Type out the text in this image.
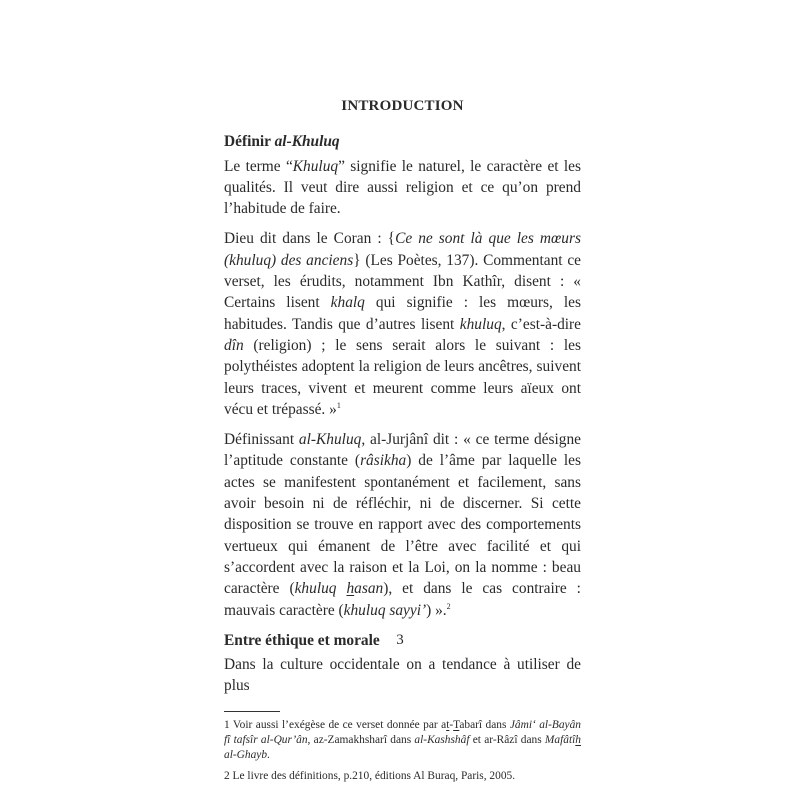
INTRODUCTION
Définir al-Khuluq

Le terme “Khuluq” signifie le naturel, le caractère et les qualités. Il veut dire aussi religion et ce qu’on prend l’habitude de faire.

Dieu dit dans le Coran : {Ce ne sont là que les mœurs (khuluq) des anciens} (Les Poètes, 137). Commentant ce verset, les érudits, notamment Ibn Kathîr, disent : « Certains lisent khalq qui signifie : les mœurs, les habitudes. Tandis que d’autres lisent khuluq, c’est-à-dire dîn (religion) ; le sens serait alors le suivant : les polythéistes adoptent la religion de leurs ancêtres, suivent leurs traces, vivent et meurent comme leurs aïeux ont vécu et trépassé. »$^1$

Définissant al-Khuluq, al-Jurjânî dit : « ce terme désigne l’aptitude constante (râsikha) de l’âme par laquelle les actes se manifestent spontanément et facilement, sans avoir besoin ni de réfléchir, ni de discerner. Si cette disposition se trouve en rapport avec des comportements vertueux qui émanent de l’être avec facilité et qui s’accordent avec la raison et la Loi, on la nomme : beau caractère (khuluq hasan), et dans le cas contraire : mauvais caractère (khuluq sayyi’) ».$^2$

Entre éthique et morale

Dans la culture occidentale on a tendance à utiliser de plus

1 Voir aussi l’exégèse de ce verset donnée par at-Tabarî dans Jâmi‘ al-Bayân fî tafsîr al-Qur’ân, az-Zamakhsharî dans al-Kashshâf et ar-Râzî dans Mafâtîh al-Ghayb.
2 Le livre des définitions, p.210, éditions Al Buraq, Paris, 2005.
3
